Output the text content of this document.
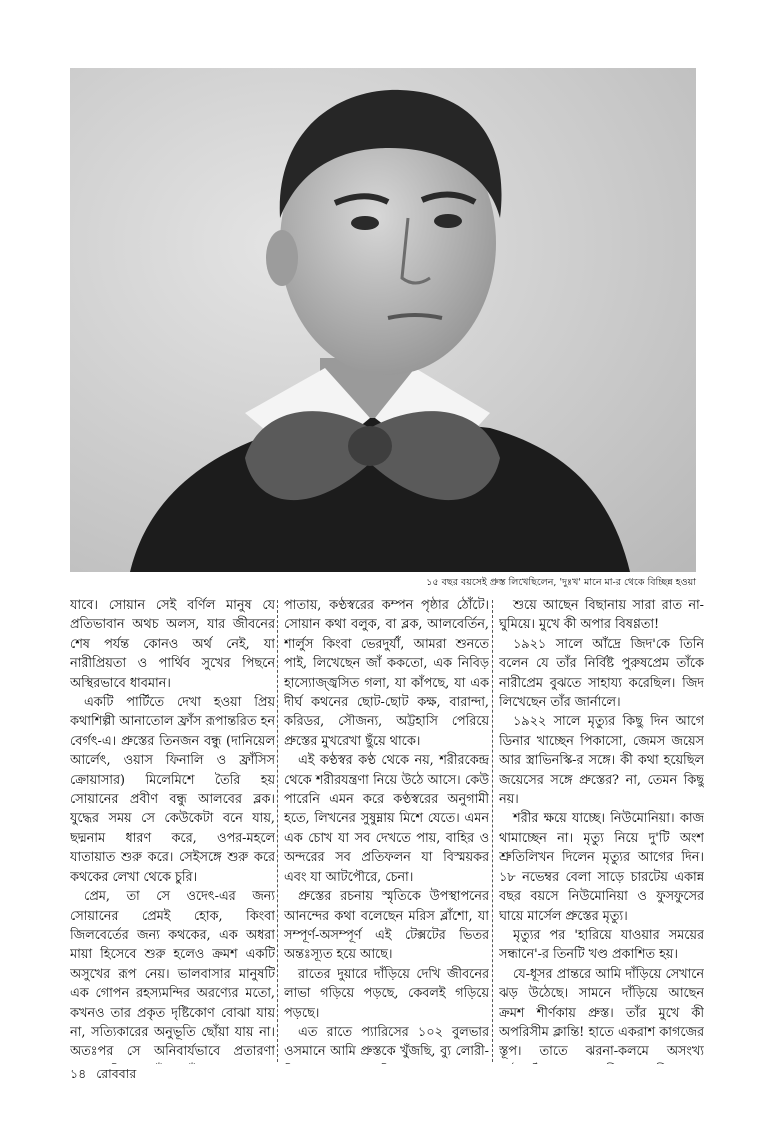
১৫ বছর বয়সেই প্রুস্ত লিখেছিলেন, 'দুঃখ' মানে মা-র থেকে বিচ্ছিন্ন হওয়া

যাবে। সোয়ান সেই বর্ণিল মানুষ যে প্রতিভাবান অথচ অলস, যার জীবনের শেষ পর্যন্ত কোনও অর্থ নেই, যা নারীপ্রিয়তা ও পার্থিব সুখের পিছনে অস্থিরভাবে ধাবমান।

একটি পার্টিতে দেখা হওয়া প্রিয় কথাশিল্পী আনাতোল ফ্রাঁস রূপান্তরিত হন বের্গৎ-এ। প্রুস্তের তিনজন বন্ধু (দানিয়েল আর্লেৎ, ওয়াস ফিনালি ও ফ্রাঁসিস ক্রোয়াসার) মিলেমিশে তৈরি হয় সোয়ানের প্রবীণ বন্ধু আলবের ব্লক। যুদ্ধের সময় সে কেউকেটা বনে যায়, ছদ্মনাম ধারণ করে, ওপর-মহলে যাতায়াত শুরু করে। সেইসঙ্গে শুরু করে কথকের লেখা থেকে চুরি।

প্রেম, তা সে ওদেৎ-এর জন্য সোয়ানের প্রেমই হোক, কিংবা জিলবের্তের জন্য কথকের, এক অধরা মায়া হিসেবে শুরু হলেও ক্রমশ একটি অসুখের রূপ নেয়। ভালবাসার মানুষটি এক গোপন রহস্যমন্দির অরণ্যের মতো, কখনও তার প্রকৃত দৃষ্টিকোণ বোঝা যায় না, সত্যিকারের অনুভূতি ছোঁয়া যায় না। অতঃপর সে অনিবার্যভাবে প্রতারণা

পাতায়, কণ্ঠস্বরের কম্পন পৃষ্ঠার ঠোঁটে। সোয়ান কথা বলুক, বা ব্লক, আলবের্তিন, শার্লুস কিংবা ভেরদুর্যাঁ, আমরা শুনতে পাই, লিখেছেন জাঁ ককতো, এক নিবিড় হাস্যোজ্জ্বসিত গলা, যা কাঁপছে, যা এক দীর্ঘ কথনের ছোট-ছোট কক্ষ, বারান্দা, করিডর, সৌজন্য, অট্টহাসি পেরিয়ে প্রুস্তের মুখরেখা ছুঁয়ে থাকে।

এই কণ্ঠস্বর কণ্ঠ থেকে নয়, শরীরকেন্দ্র থেকে শরীরযন্ত্রণা নিয়ে উঠে আসে। কেউ পারেনি এমন করে কণ্ঠস্বরের অনুগামী হতে, লিখনের সুষুম্নায় মিশে যেতে। এমন এক চোখ যা সব দেখতে পায়, বাহির ও অন্দরের সব প্রতিফলন যা বিস্ময়কর এবং যা আটপৌরে, চেনা।

প্রুস্তের রচনায় স্মৃতিকে উপস্থাপনের আনন্দের কথা বলেছেন মরিস ব্লাঁশো, যা সম্পূর্ণ-অসম্পূর্ণ এই টেক্সটের ভিতর অন্তঃস্যূত হয়ে আছে।

রাতের দুয়ারে দাঁড়িয়ে দেখি জীবনের লাভা গড়িয়ে পড়ছে, কেবলই গড়িয়ে পড়ছে।

এত রাতে প্যারিসের ১০২ বুলভার ওসমানে আমি প্রুস্তকে খুঁজছি, ব্যু লোরী-

শুয়ে আছেন বিছানায় সারা রাত না-ঘুমিয়ে। মুখে কী অপার বিষণ্ণতা!

১৯২১ সালে আঁদ্রে জিদ'কে তিনি বলেন যে তাঁর নির্বিষ্ট পুরুষপ্রেম তাঁকে নারীপ্রেম বুঝতে সাহায্য করেছিল। জিদ লিখেছেন তাঁর জার্নালে।

১৯২২ সালে মৃত্যুর কিছু দিন আগে ডিনার খাচ্ছেন পিকাসো, জেমস জয়েস আর স্ত্রাভিনস্কি-র সঙ্গে। কী কথা হয়েছিল জয়েসের সঙ্গে প্রুস্তের? না, তেমন কিছু নয়।

শরীর ক্ষয়ে যাচ্ছে। নিউমোনিয়া। কাজ থামাচ্ছেন না। মৃত্যু নিয়ে দু'টি অংশ শ্রুতিলিখন দিলেন মৃত্যুর আগের দিন। ১৮ নভেম্বর বেলা সাড়ে চারটেয় একান্ন বছর বয়সে নিউমোনিয়া ও ফুসফুসের ঘায়ে মার্সেল প্রুস্তের মৃত্যু।

মৃত্যুর পর 'হারিয়ে যাওয়ার সময়ের সন্ধানে'-র তিনটি খণ্ড প্রকাশিত হয়।

যে-ধূসর প্রান্তরে আমি দাঁড়িয়ে সেখানে ঝড় উঠেছে। সামনে দাঁড়িয়ে আছেন ক্রমশ শীর্ণকায় প্রুস্ত। তাঁর মুখে কী অপরিসীম ক্লান্তি! হাতে একরাশ কাগজের স্তূপ। তাতে ঝরনা-কলমে অসংখ্য

১৪ রোববার
